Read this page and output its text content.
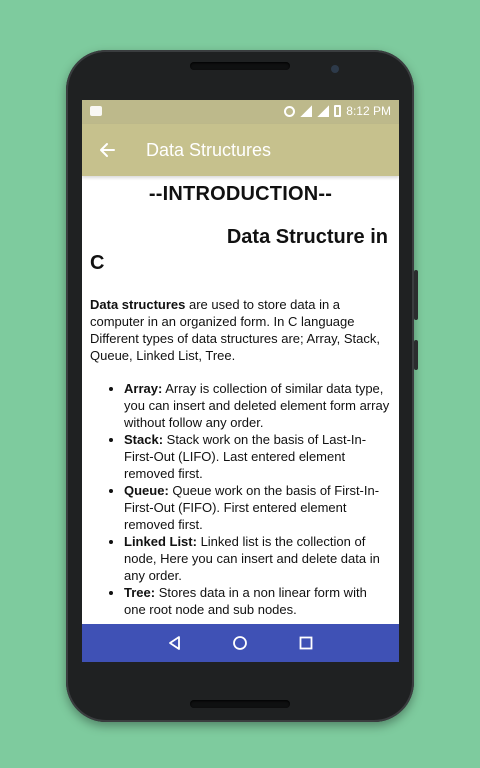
8:12 PM
Data Structures
--INTRODUCTION--
Data Structure in
C

Data structures are used to store data in a computer in an organized form. In C language Different types of data structures are; Array, Stack, Queue, Linked List, Tree.

• Array: Array is collection of similar data type, you can insert and deleted element form array without follow any order.
• Stack: Stack work on the basis of Last-In-First-Out (LIFO). Last entered element removed first.
• Queue: Queue work on the basis of First-In-First-Out (FIFO). First entered element removed first.
• Linked List: Linked list is the collection of node, Here you can insert and delete data in any order.
• Tree: Stores data in a non linear form with one root node and sub nodes.
